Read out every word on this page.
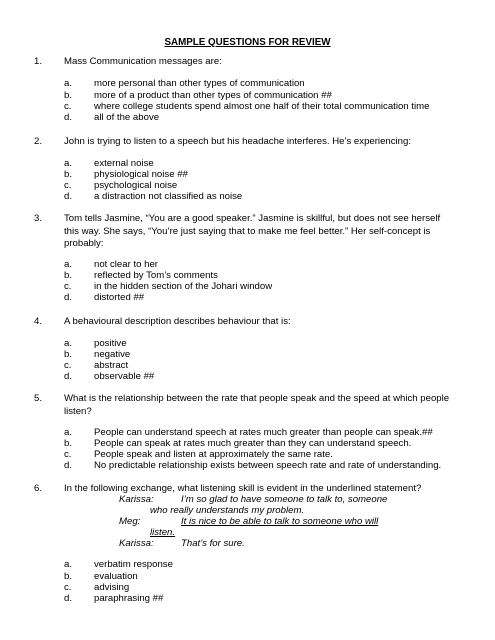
SAMPLE QUESTIONS FOR REVIEW
1. Mass Communication messages are:
a. more personal than other types of communication
b. more of a product than other types of communication ##
c. where college students spend almost one half of their total communication time
d. all of the above
2. John is trying to listen to a speech but his headache interferes. He’s experiencing:
a. external noise
b. physiological noise ##
c. psychological noise
d. a distraction not classified as noise
3. Tom tells Jasmine, “You are a good speaker.” Jasmine is skillful, but does not see herself
this way. She says, “You’re just saying that to make me feel better.” Her self-concept is
probably:
a. not clear to her
b. reflected by Tom’s comments
c. in the hidden section of the Johari window
d. distorted ##
4. A behavioural description describes behaviour that is:
a. positive
b. negative
c. abstract
d. observable ##
5. What is the relationship between the rate that people speak and the speed at which people
listen?
a. People can understand speech at rates much greater than people can speak.##
b. People can speak at rates much greater than they can understand speech.
c. People speak and listen at approximately the same rate.
d. No predictable relationship exists between speech rate and rate of understanding.
6. In the following exchange, what listening skill is evident in the underlined statement?
Karissa:	I’m so glad to have someone to talk to, someone
who really understands my problem.
Meg:	It is nice to be able to talk to someone who will
listen.
Karissa:	That’s for sure.
a. verbatim response
b. evaluation
c. advising
d. paraphrasing ##
